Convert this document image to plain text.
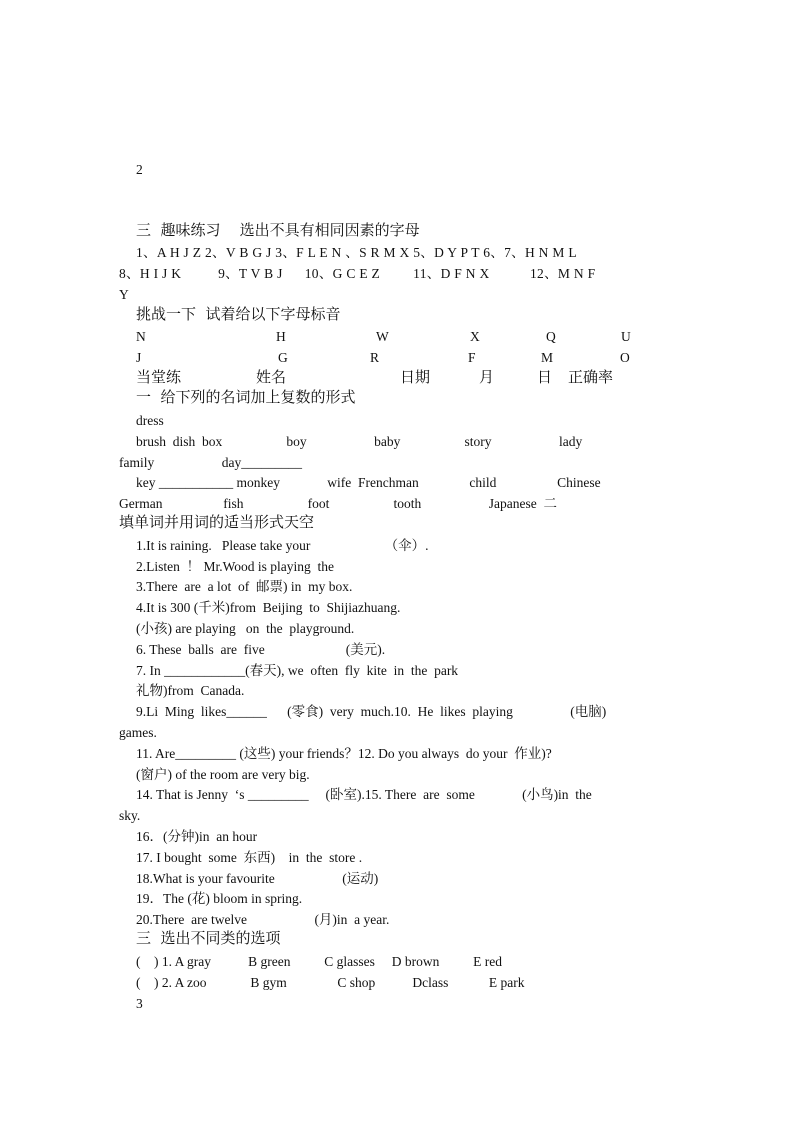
2
三  趣味练习    选出不具有相同因素的字母
1、A H J Z 2、V B G J 3、F L E N 、S R M X 5、D Y P T 6、7、H N M L
8、H I J K          9、T V B J      10、G C E Z         11、D F N X           12、M N F
Y
挑战一下  试着给以下字母标音
N	H	W	X	Q	U
J	G	R	F	M	O
当堂练	姓名	日期	月	日 正确率
一  给下列的名词加上复数的形式
dress
brush  dish  box                   boy                    baby                   story                    lady
family                    day_________
key ___________ monkey              wife  Frenchman               child                  Chinese
German                  fish                   foot                   tooth                    Japanese  二
填单词并用词的适当形式天空
1.It is raining.   Please take your                      （伞）.
2.Listen  ！ Mr.Wood is playing  the
3.There  are  a lot  of  邮票) in  my box.
4.It is 300 (千米)from  Beijing  to  Shijiazhuang.
(小孩) are playing   on  the  playground.
6. These  balls  are  five                        (美元).
7. In ____________(春天), we  often  fly  kite  in  the  park
礼物)from  Canada.
9.Li  Ming  likes______      (零食)  very  much.10.  He  likes  playing                 (电脑)
games.
11. Are_________ (这些) your friends？12. Do you always  do your  作业)?
(窗户) of the room are very big.
14. That is Jenny  ‘s _________     (卧室).15. There  are  some              (小鸟)in  the
sky.
16．(分钟)in  an hour
17. I bought  some  东西)    in  the  store .
18.What is your favourite                    (运动)
19．The (花) bloom in spring.
20.There  are twelve                    (月)in  a year.
三  选出不同类的选项
(    ) 1. A gray           B green          C glasses     D brown          E red
(    ) 2. A zoo             B gym               C shop           Dclass            E park
3
